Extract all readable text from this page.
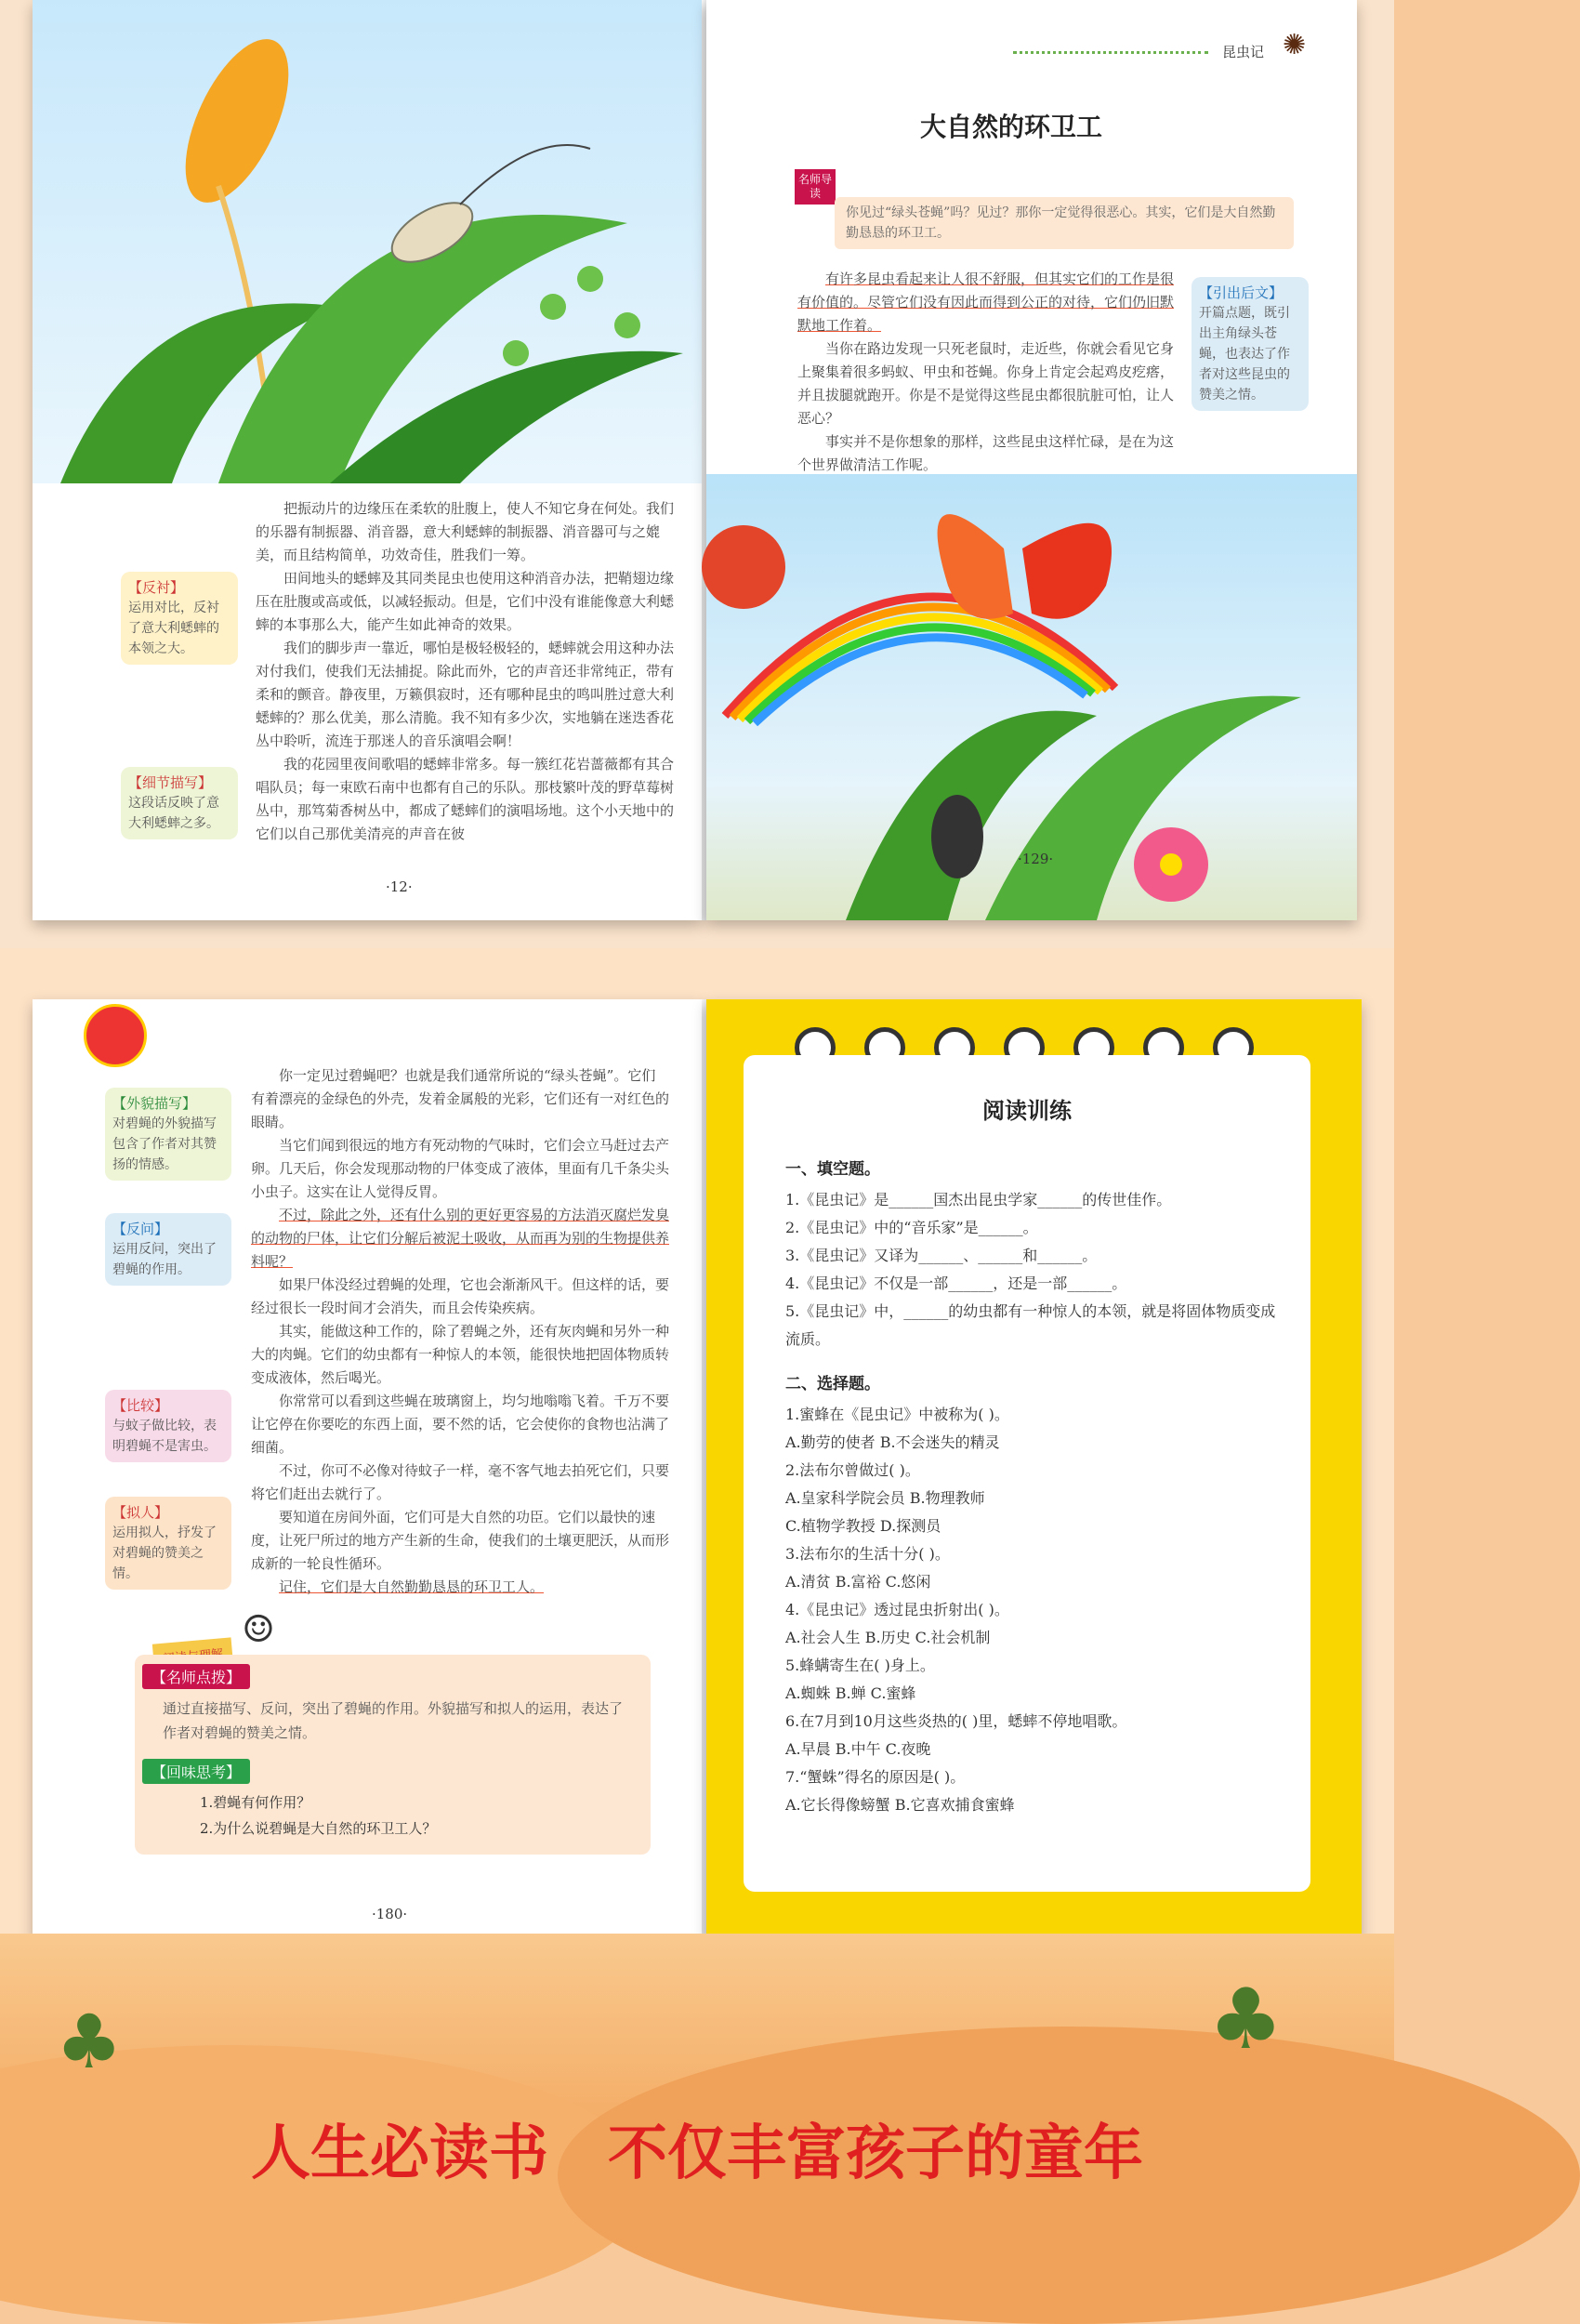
把振动片的边缘压在柔软的肚腹上，使人不知它身在何处。我们的乐器有制振器、消音器，意大利蟋蟀的制振器、消音器可与之媲美，而且结构简单，功效奇佳，胜我们一筹。

田间地头的蟋蟀及其同类昆虫也使用这种消音办法，把鞘翅边缘压在肚腹或高或低，以减轻振动。但是，它们中没有谁能像意大利蟋蟀的本事那么大，能产生如此神奇的效果。

我们的脚步声一靠近，哪怕是极轻极轻的，蟋蟀就会用这种办法对付我们，使我们无法捕捉。除此而外，它的声音还非常纯正，带有柔和的颤音。静夜里，万籁俱寂时，还有哪种昆虫的鸣叫胜过意大利蟋蟀的？那么优美，那么清脆。我不知有多少次，实地躺在迷迭香花丛中聆听，流连于那迷人的音乐演唱会啊！

我的花园里夜间歌唱的蟋蟀非常多。每一簇红花岩蔷薇都有其合唱队员；每一束欧石南中也都有自己的乐队。那枝繁叶茂的野草莓树丛中，那笃菊香树丛中，都成了蟋蟀们的演唱场地。这个小天地中的它们以自己那优美清亮的声音在彼

【反衬】
运用对比，反衬了意大利蟋蟀的本领之大。
【细节描写】
这段话反映了意大利蟋蟀之多。
·12·
昆虫记 ✺
大自然的环卫工
名师导读
你见过“绿头苍蝇”吗？见过？那你一定觉得很恶心。其实，它们是大自然勤勤恳恳的环卫工。

有许多昆虫看起来让人很不舒服，但其实它们的工作是很有价值的。尽管它们没有因此而得到公正的对待，它们仍旧默默地工作着。

当你在路边发现一只死老鼠时，走近些，你就会看见它身上聚集着很多蚂蚁、甲虫和苍蝇。你身上肯定会起鸡皮疙瘩，并且拔腿就跑开。你是不是觉得这些昆虫都很肮脏可怕，让人恶心？

事实并不是你想象的那样，这些昆虫这样忙碌，是在为这个世界做清洁工作呢。

【引出后文】
开篇点题，既引出主角绿头苍蝇，也表达了作者对这些昆虫的赞美之情。
·129·

你一定见过碧蝇吧？也就是我们通常所说的“绿头苍蝇”。它们有着漂亮的金绿色的外壳，发着金属般的光彩，它们还有一对红色的眼睛。

当它们闻到很远的地方有死动物的气味时，它们会立马赶过去产卵。几天后，你会发现那动物的尸体变成了液体，里面有几千条尖头小虫子。这实在让人觉得反胃。

不过，除此之外，还有什么别的更好更容易的方法消灭腐烂发臭的动物的尸体，让它们分解后被泥土吸收，从而再为别的生物提供养料呢？

如果尸体没经过碧蝇的处理，它也会渐渐风干。但这样的话，要经过很长一段时间才会消失，而且会传染疾病。

其实，能做这种工作的，除了碧蝇之外，还有灰肉蝇和另外一种大的肉蝇。它们的幼虫都有一种惊人的本领，能很快地把固体物质转变成液体，然后喝光。

你常常可以看到这些蝇在玻璃窗上，均匀地嗡嗡飞着。千万不要让它停在你要吃的东西上面，要不然的话，它会使你的食物也沾满了细菌。

不过，你可不必像对待蚊子一样，毫不客气地去拍死它们，只要将它们赶出去就行了。

要知道在房间外面，它们可是大自然的功臣。它们以最快的速度，让死尸所过的地方产生新的生命，使我们的土壤更肥沃，从而形成新的一轮良性循环。

记住，它们是大自然勤勤恳恳的环卫工人。

【外貌描写】
对碧蝇的外貌描写包含了作者对其赞扬的情感。
【反问】
运用反问，突出了碧蝇的作用。
【比较】
与蚊子做比较，表明碧蝇不是害虫。
【拟人】
运用拟人，抒发了对碧蝇的赞美之情。
☺
【名师点拨】

通过直接描写、反问，突出了碧蝇的作用。外貌描写和拟人的运用，表达了作者对碧蝇的赞美之情。

【回味思考】

1.碧蝇有何作用？

2.为什么说碧蝇是大自然的环卫工人？

·180·
阅读训练

一、填空题。

1.《昆虫记》是______国杰出昆虫学家______的传世佳作。

2.《昆虫记》中的“音乐家”是______。

3.《昆虫记》又译为______、______和______。

4.《昆虫记》不仅是一部______，还是一部______。

5.《昆虫记》中，______的幼虫都有一种惊人的本领，就是将固体物质变成流质。

二、选择题。

1.蜜蜂在《昆虫记》中被称为( )。

A.勤劳的使者 B.不会迷失的精灵

2.法布尔曾做过( )。

A.皇家科学院会员 B.物理教师

C.植物学教授 D.探测员

3.法布尔的生活十分( )。

A.清贫 B.富裕 C.悠闲

4.《昆虫记》透过昆虫折射出( )。

A.社会人生 B.历史 C.社会机制

5.蜂螨寄生在( )身上。

A.蜘蛛 B.蝉 C.蜜蜂

6.在7月到10月这些炎热的( )里，蟋蟀不停地唱歌。

A.早晨 B.中午 C.夜晚

7.“蟹蛛”得名的原因是( )。

A.它长得像螃蟹 B.它喜欢捕食蜜蜂

♣	♣
人生必读书　不仅丰富孩子的童年
